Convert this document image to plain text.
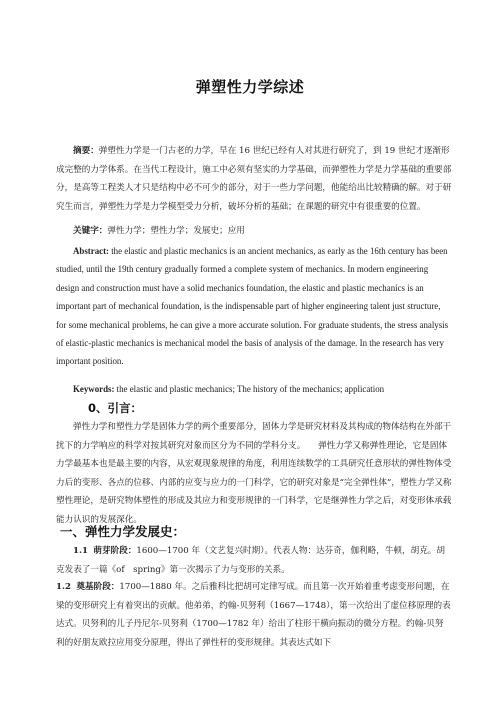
弹塑性力学综述
摘要：弹塑性力学是一门古老的力学，早在 16 世纪已经有人对其进行研究了，到 19 世纪才逐渐形成完整的力学体系。在当代工程设计，施工中必须有坚实的力学基础，而弹塑性力学是力学基础的重要部分，是高等工程类人才只是结构中必不可少的部分，对于一些力学问题，他能给出比较精确的解。对于研究生而言，弹塑性力学是力学模型受力分析，破坏分析的基础；在课题的研究中有很重要的位置。
关键字：弹性力学；塑性力学；发展史；应用
Abstract: the elastic and plastic mechanics is an ancient mechanics, as early as the 16th century has been studied, until the 19th century gradually formed a complete system of mechanics. In modern engineering design and construction must have a solid mechanics foundation, the elastic and plastic mechanics is an important part of mechanical foundation, is the indispensable part of higher engineering talent just structure, for some mechanical problems, he can give a more accurate solution. For graduate students, the stress analysis of elastic-plastic mechanics is mechanical model the basis of analysis of the damage. In the research has very important position.
Keywords: the elastic and plastic mechanics; The history of the mechanics; application
0、引言：
弹性力学和塑性力学是固体力学的两个重要部分，固体力学是研究材料及其构成的物体结构在外部干扰下的力学响应的科学对按其研究对象而区分为不同的学科分支。　　弹性力学又称弹性理论，它是固体力学最基本也是最主要的内容，从宏观现象规律的角度，利用连续数学的工具研究任意形状的弹性物体受力后的变形、各点的位移、内部的应变与应力的一门科学，它的研究对象是“完全弹性体”，塑性力学又称塑性理论，是研究物体塑性的形成及其应力和变形规律的一门科学，它是继弹性力学之后，对变形体承载能力认识的发展深化。
一、弹性力学发展史：
1.1 萌芽阶段：1600—1700 年（文艺复兴时期）。代表人物：达芬奇，伽利略，牛顿，胡克。胡克发表了一篇《of　spring》第一次揭示了力与变形的关系。
1.2 奠基阶段：1700—1880 年。之后雅科比把胡可定律写成。而且第一次开始着重考虑变形问题，在梁的变形研究上有着突出的贡献。他弟弟，约翰-贝努利（1667—1748），第一次给出了虚位移原理的表达式。贝努利的儿子丹尼尔-贝努利（1700—1782 年）给出了柱形干横向振动的微分方程。约翰-贝努利的好朋友欧拉应用变分原理，得出了弹性杆的变形规律。其表达式如下
